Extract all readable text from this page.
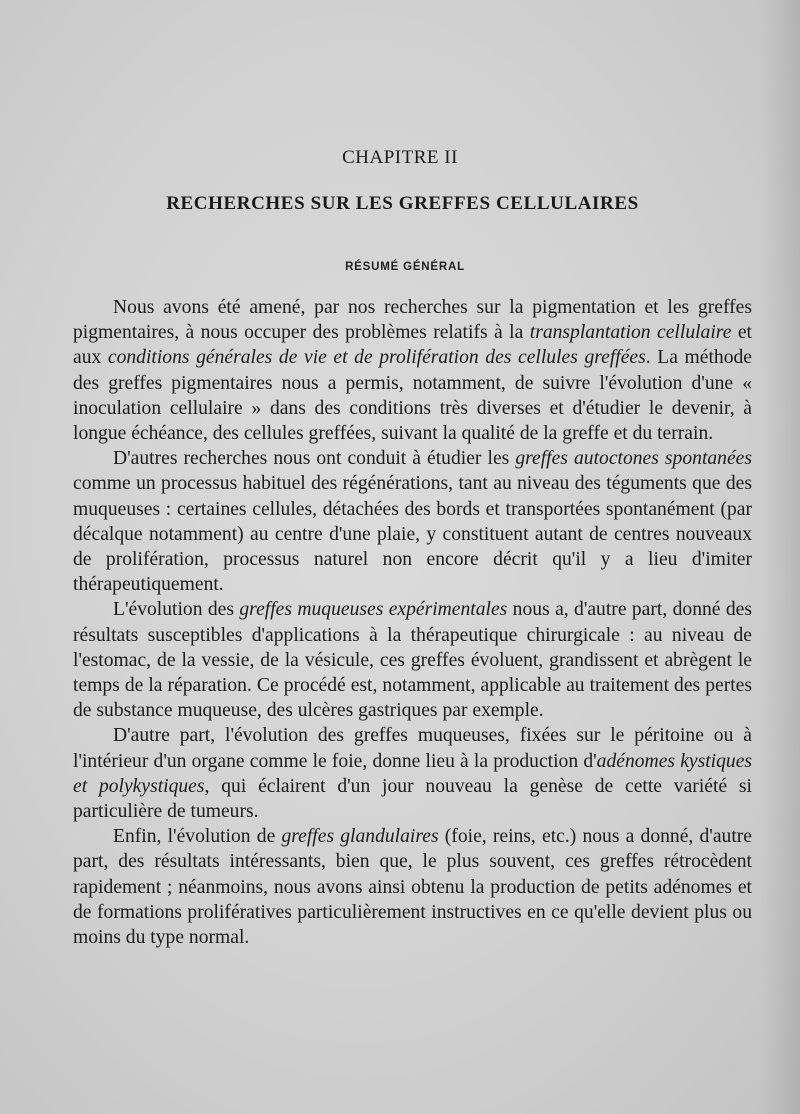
CHAPITRE II
RECHERCHES SUR LES GREFFES CELLULAIRES
RÉSUMÉ GÉNÉRAL

Nous avons été amené, par nos recherches sur la pigmentation et les greffes pigmentaires, à nous occuper des problèmes relatifs à la transplantation cellulaire et aux conditions générales de vie et de prolifération des cellules greffées. La méthode des greffes pigmentaires nous a permis, notamment, de suivre l'évolution d'une « inoculation cellulaire » dans des conditions très diverses et d'étudier le devenir, à longue échéance, des cellules greffées, suivant la qualité de la greffe et du terrain.

D'autres recherches nous ont conduit à étudier les greffes autoctones spontanées comme un processus habituel des régénérations, tant au niveau des téguments que des muqueuses : certaines cellules, détachées des bords et transportées spontanément (par décalque notamment) au centre d'une plaie, y constituent autant de centres nouveaux de prolifération, processus naturel non encore décrit qu'il y a lieu d'imiter thérapeutiquement.

L'évolution des greffes muqueuses expérimentales nous a, d'autre part, donné des résultats susceptibles d'applications à la thérapeutique chirurgicale : au niveau de l'estomac, de la vessie, de la vésicule, ces greffes évoluent, grandissent et abrègent le temps de la réparation. Ce procédé est, notamment, applicable au traitement des pertes de substance muqueuse, des ulcères gastriques par exemple.

D'autre part, l'évolution des greffes muqueuses, fixées sur le péritoine ou à l'intérieur d'un organe comme le foie, donne lieu à la production d'adénomes kystiques et polykystiques, qui éclairent d'un jour nouveau la genèse de cette variété si particulière de tumeurs.

Enfin, l'évolution de greffes glandulaires (foie, reins, etc.) nous a donné, d'autre part, des résultats intéressants, bien que, le plus souvent, ces greffes rétrocèdent rapidement ; néanmoins, nous avons ainsi obtenu la production de petits adénomes et de formations prolifératives particulièrement instructives en ce qu'elle devient plus ou moins du type normal.
